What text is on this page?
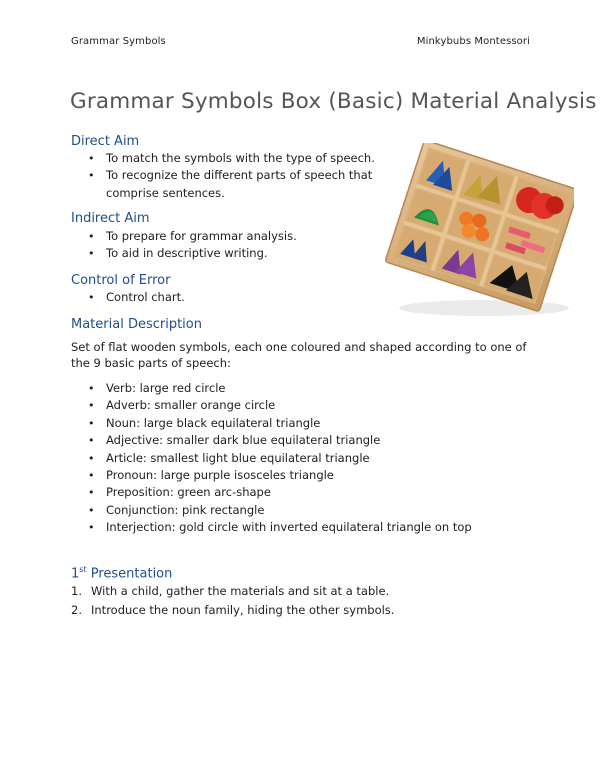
Grammar Symbols	Minkybubs Montessori
Grammar Symbols Box (Basic) Material Analysis
Direct Aim
• To match the symbols with the type of speech.
• To recognize the different parts of speech that
comprise sentences.
Indirect Aim
• To prepare for grammar analysis.
• To aid in descriptive writing.
Control of Error
• Control chart.
Material Description

Set of flat wooden symbols, each one coloured and shaped according to one of the 9 basic parts of speech:

• Verb: large red circle
• Adverb: smaller orange circle
• Noun: large black equilateral triangle
• Adjective: smaller dark blue equilateral triangle
• Article: smallest light blue equilateral triangle
• Pronoun: large purple isosceles triangle
• Preposition: green arc-shape
• Conjunction: pink rectangle
• Interjection: gold circle with inverted equilateral triangle on top
1st Presentation
1. With a child, gather the materials and sit at a table.
2. Introduce the noun family, hiding the other symbols.
